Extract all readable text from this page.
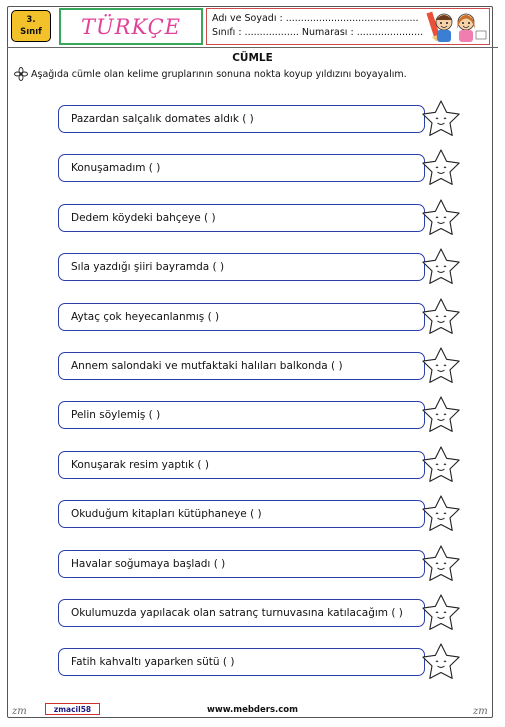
3.
Sınıf	TÜRKÇE	Adı ve Soyadı : ............................................
Sınıfı : .................. Numarası : ......................
CÜMLE
Aşağıda cümle olan kelime gruplarının sonuna nokta koyup yıldızını boyayalım.
Pazardan salçalık domates aldık ( )
Konuşamadım ( )
Dedem köydeki bahçeye ( )
Sıla yazdığı şiiri bayramda ( )
Aytaç çok heyecanlanmış ( )
Annem salondaki ve mutfaktaki halıları balkonda ( )
Pelin söylemiş ( )
Konuşarak resim yaptık ( )
Okuduğum kitapları kütüphaneye ( )
Havalar soğumaya başladı ( )
Okulumuzda yapılacak olan satranç turnuvasına katılacağım ( )
Fatih kahvaltı yaparken sütü ( )
zmacil58	www.mebders.com
zm	zm
